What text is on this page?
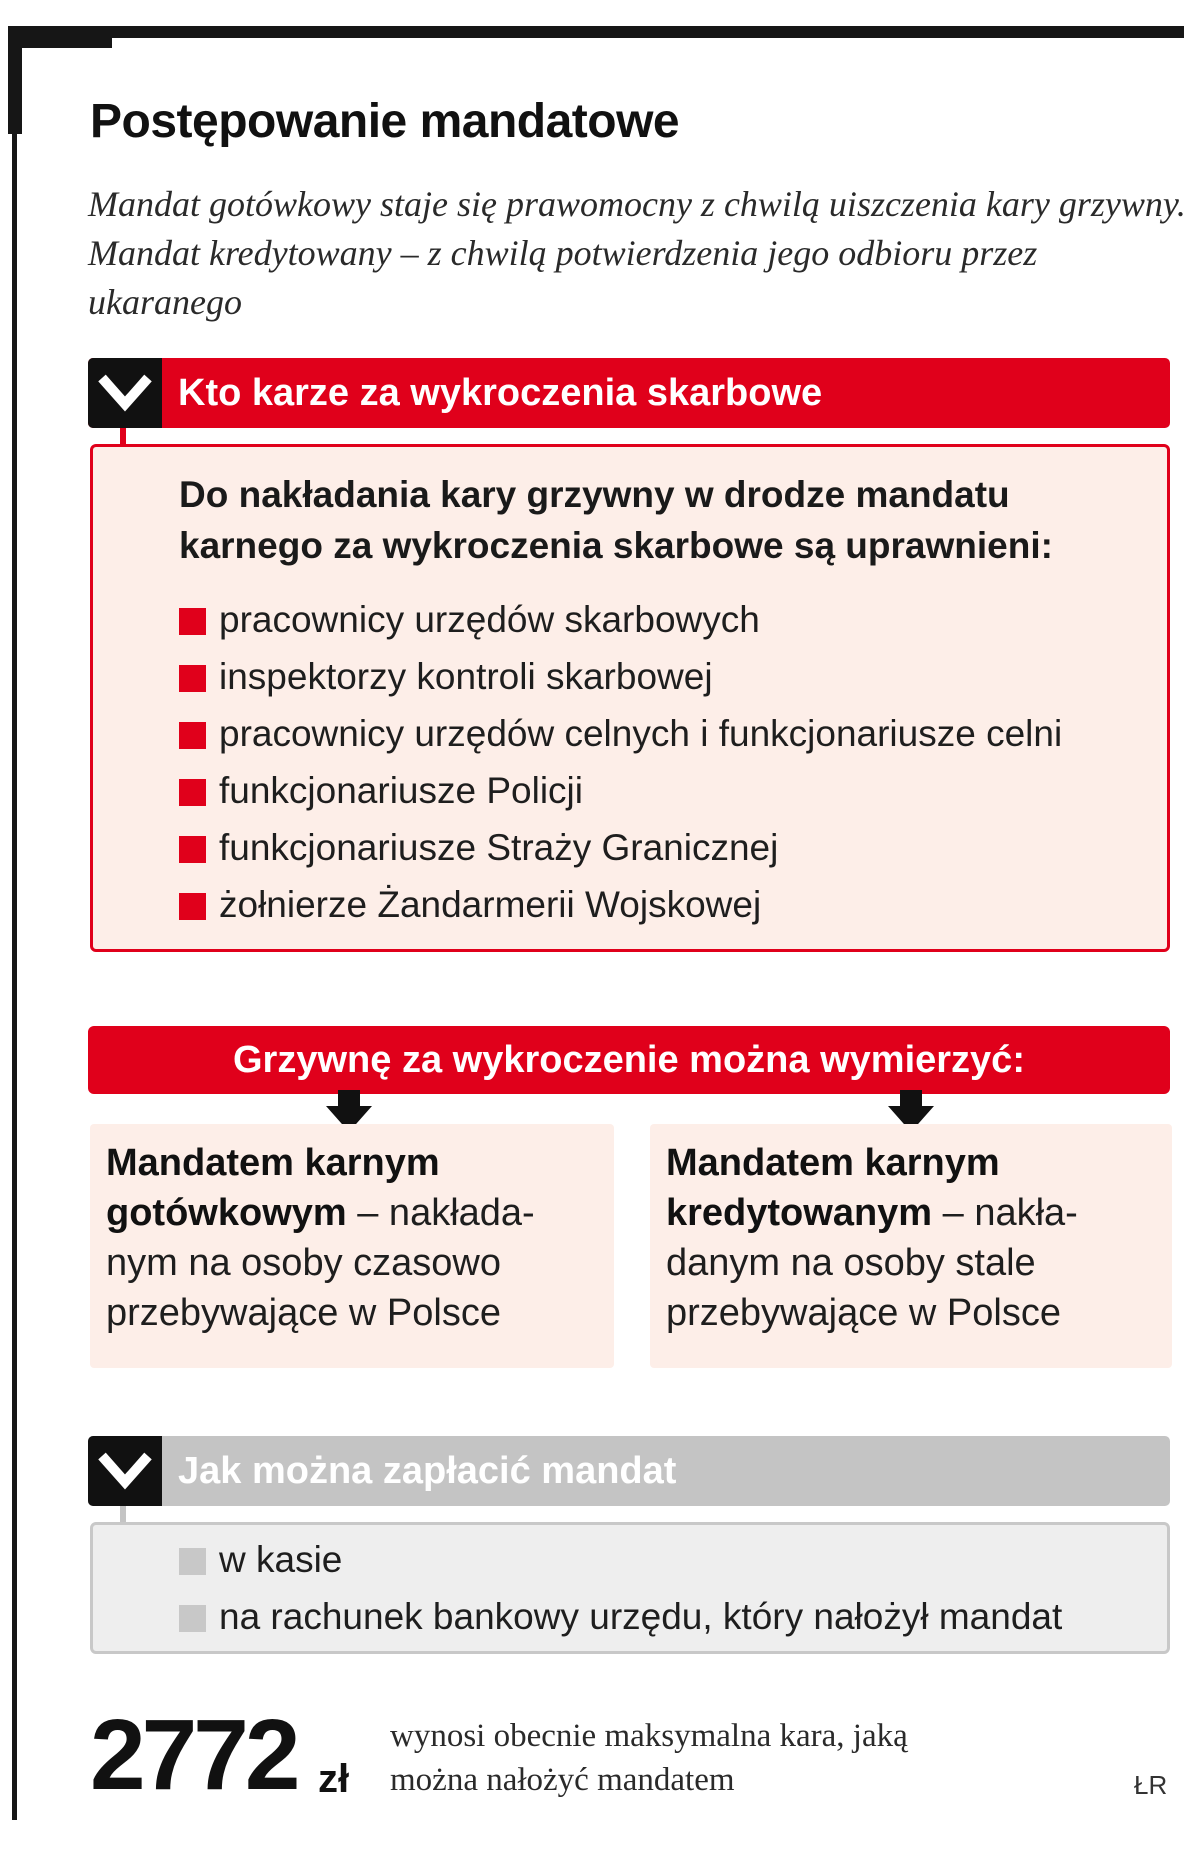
Postępowanie mandatowe

Mandat gotówkowy staje się prawomocny z chwilą uiszczenia kary grzywny. Mandat kredytowany – z chwilą potwierdzenia jego odbioru przez ukaranego

Kto karze za wykroczenia skarbowe
Do nakładania kary grzywny w drodze mandatu
karnego za wykroczenia skarbowe są uprawnieni:
pracownicy urzędów skarbowych
inspektorzy kontroli skarbowej
pracownicy urzędów celnych i funkcjonariusze celni
funkcjonariusze Policji
funkcjonariusze Straży Granicznej
żołnierze Żandarmerii Wojskowej
Grzywnę za wykroczenie można wymierzyć:
Mandatem karnym
gotówkowym – nakłada-
nym na osoby czasowo
przebywające w Polsce
Mandatem karnym
kredytowanym – nakła-
danym na osoby stale
przebywające w Polsce
Jak można zapłacić mandat
w kasie
na rachunek bankowy urzędu, który nałożył mandat
2772 zł
wynosi obecnie maksymalna kara, jaką
można nałożyć mandatem	ŁR
